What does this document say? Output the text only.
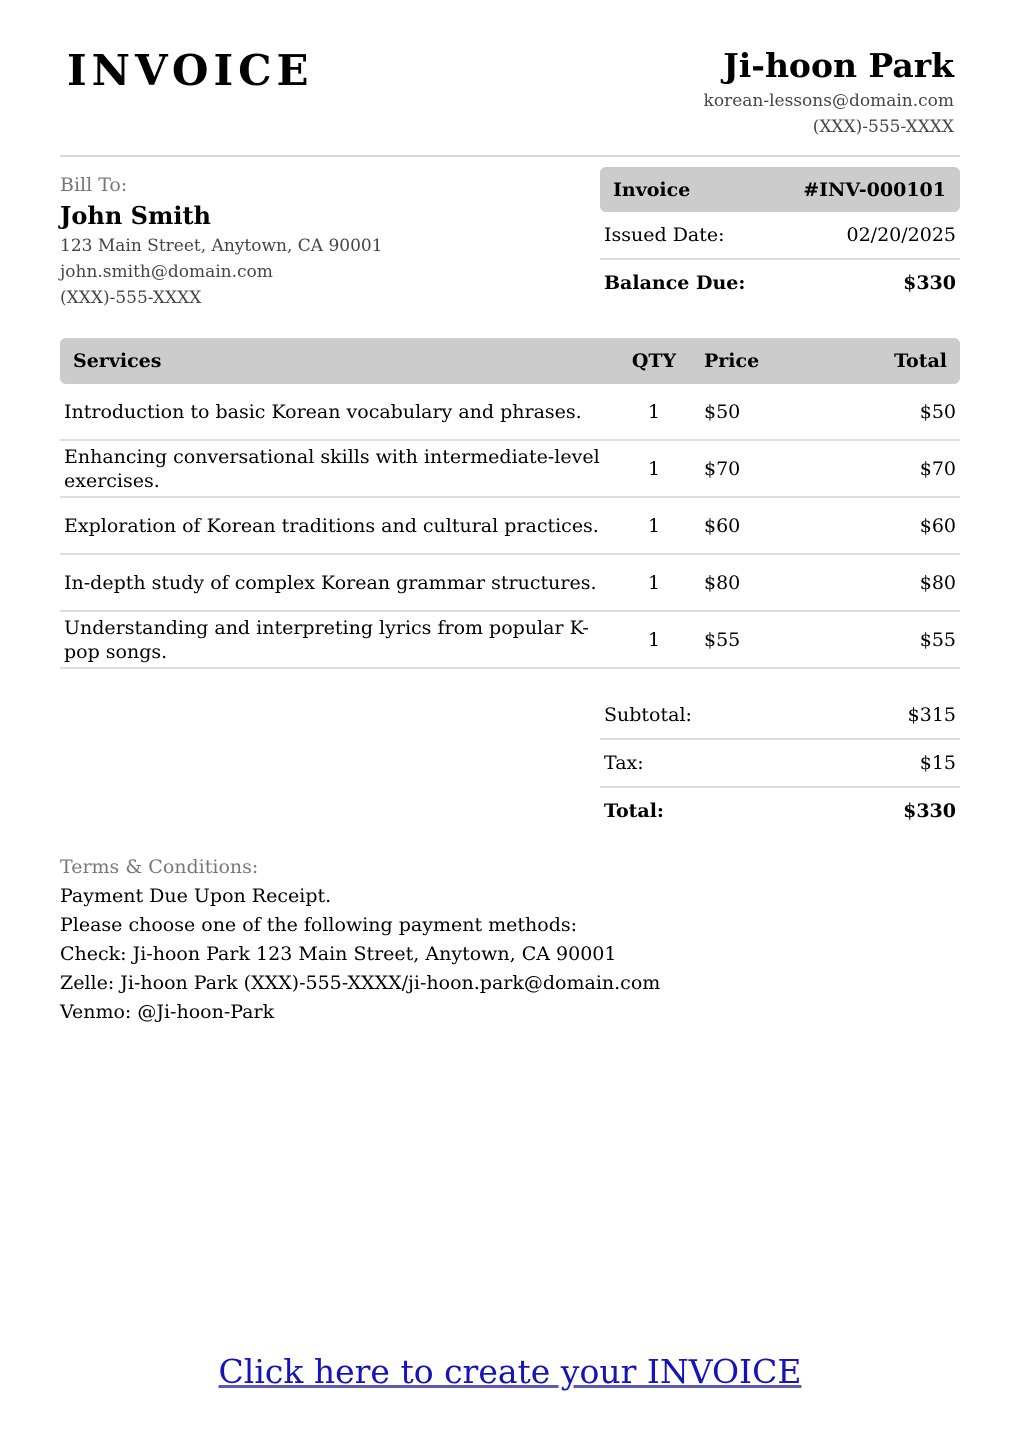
INVOICE	Ji-hoon Park
korean-lessons@domain.com
(XXX)-555-XXXX
Bill To:
John Smith
123 Main Street, Anytown, CA 90001
john.smith@domain.com
(XXX)-555-XXXX
Invoice	#INV-000101
Issued Date:	02/20/2025
Balance Due:	$330
Services	QTY	Price	Total
Introduction to basic Korean vocabulary and phrases.	1	$50	$50
Enhancing conversational skills with intermediate-level exercises.	1	$70	$70
Exploration of Korean traditions and cultural practices.	1	$60	$60
In-depth study of complex Korean grammar structures.	1	$80	$80
Understanding and interpreting lyrics from popular K-pop songs.	1	$55	$55
Subtotal:	$315
Tax:	$15
Total:	$330
Terms & Conditions:
Payment Due Upon Receipt.
Please choose one of the following payment methods:
Check: Ji-hoon Park 123 Main Street, Anytown, CA 90001
Zelle: Ji-hoon Park (XXX)-555-XXXX/ji-hoon.park@domain.com
Venmo: @Ji-hoon-Park
Click here to create your INVOICE
